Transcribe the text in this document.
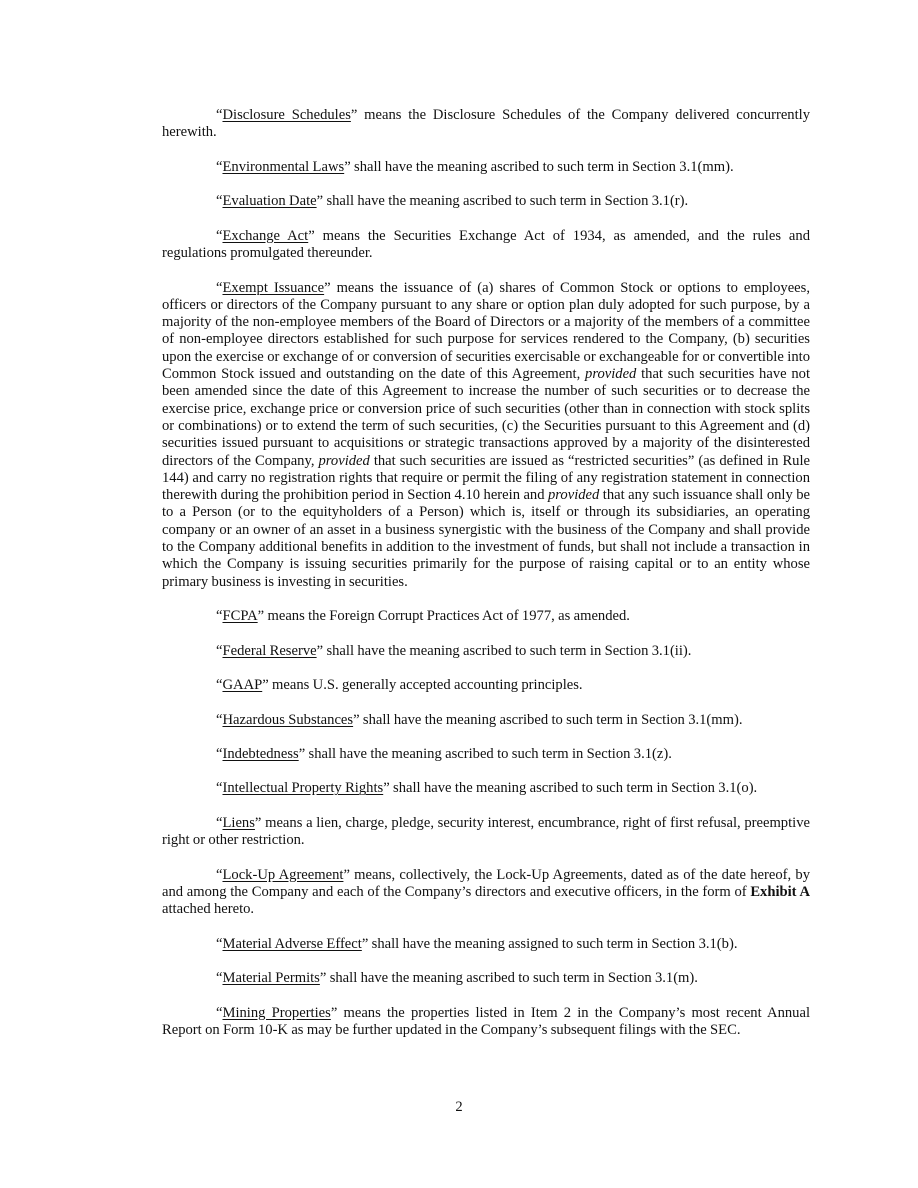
“Disclosure Schedules” means the Disclosure Schedules of the Company delivered concurrently herewith.

“Environmental Laws” shall have the meaning ascribed to such term in Section 3.1(mm).

“Evaluation Date” shall have the meaning ascribed to such term in Section 3.1(r).

“Exchange Act” means the Securities Exchange Act of 1934, as amended, and the rules and regulations promulgated thereunder.

“Exempt Issuance” means the issuance of (a) shares of Common Stock or options to employees, officers or directors of the Company pursuant to any share or option plan duly adopted for such purpose, by a majority of the non-employee members of the Board of Directors or a majority of the members of a committee of non-employee directors established for such purpose for services rendered to the Company, (b) securities upon the exercise or exchange of or conversion of securities exercisable or exchangeable for or convertible into Common Stock issued and outstanding on the date of this Agreement, provided that such securities have not been amended since the date of this Agreement to increase the number of such securities or to decrease the exercise price, exchange price or conversion price of such securities (other than in connection with stock splits or combinations) or to extend the term of such securities, (c) the Securities pursuant to this Agreement and (d) securities issued pursuant to acquisitions or strategic transactions approved by a majority of the disinterested directors of the Company, provided that such securities are issued as “restricted securities” (as defined in Rule 144) and carry no registration rights that require or permit the filing of any registration statement in connection therewith during the prohibition period in Section 4.10 herein and provided that any such issuance shall only be to a Person (or to the equityholders of a Person) which is, itself or through its subsidiaries, an operating company or an owner of an asset in a business synergistic with the business of the Company and shall provide to the Company additional benefits in addition to the investment of funds, but shall not include a transaction in which the Company is issuing securities primarily for the purpose of raising capital or to an entity whose primary business is investing in securities.

“FCPA” means the Foreign Corrupt Practices Act of 1977, as amended.

“Federal Reserve” shall have the meaning ascribed to such term in Section 3.1(ii).

“GAAP” means U.S. generally accepted accounting principles.

“Hazardous Substances” shall have the meaning ascribed to such term in Section 3.1(mm).

“Indebtedness” shall have the meaning ascribed to such term in Section 3.1(z).

“Intellectual Property Rights” shall have the meaning ascribed to such term in Section 3.1(o).

“Liens” means a lien, charge, pledge, security interest, encumbrance, right of first refusal, preemptive right or other restriction.

“Lock-Up Agreement” means, collectively, the Lock-Up Agreements, dated as of the date hereof, by and among the Company and each of the Company’s directors and executive officers, in the form of Exhibit A attached hereto.

“Material Adverse Effect” shall have the meaning assigned to such term in Section 3.1(b).

“Material Permits” shall have the meaning ascribed to such term in Section 3.1(m).

“Mining Properties” means the properties listed in Item 2 in the Company’s most recent Annual Report on Form 10-K as may be further updated in the Company’s subsequent filings with the SEC.

2
